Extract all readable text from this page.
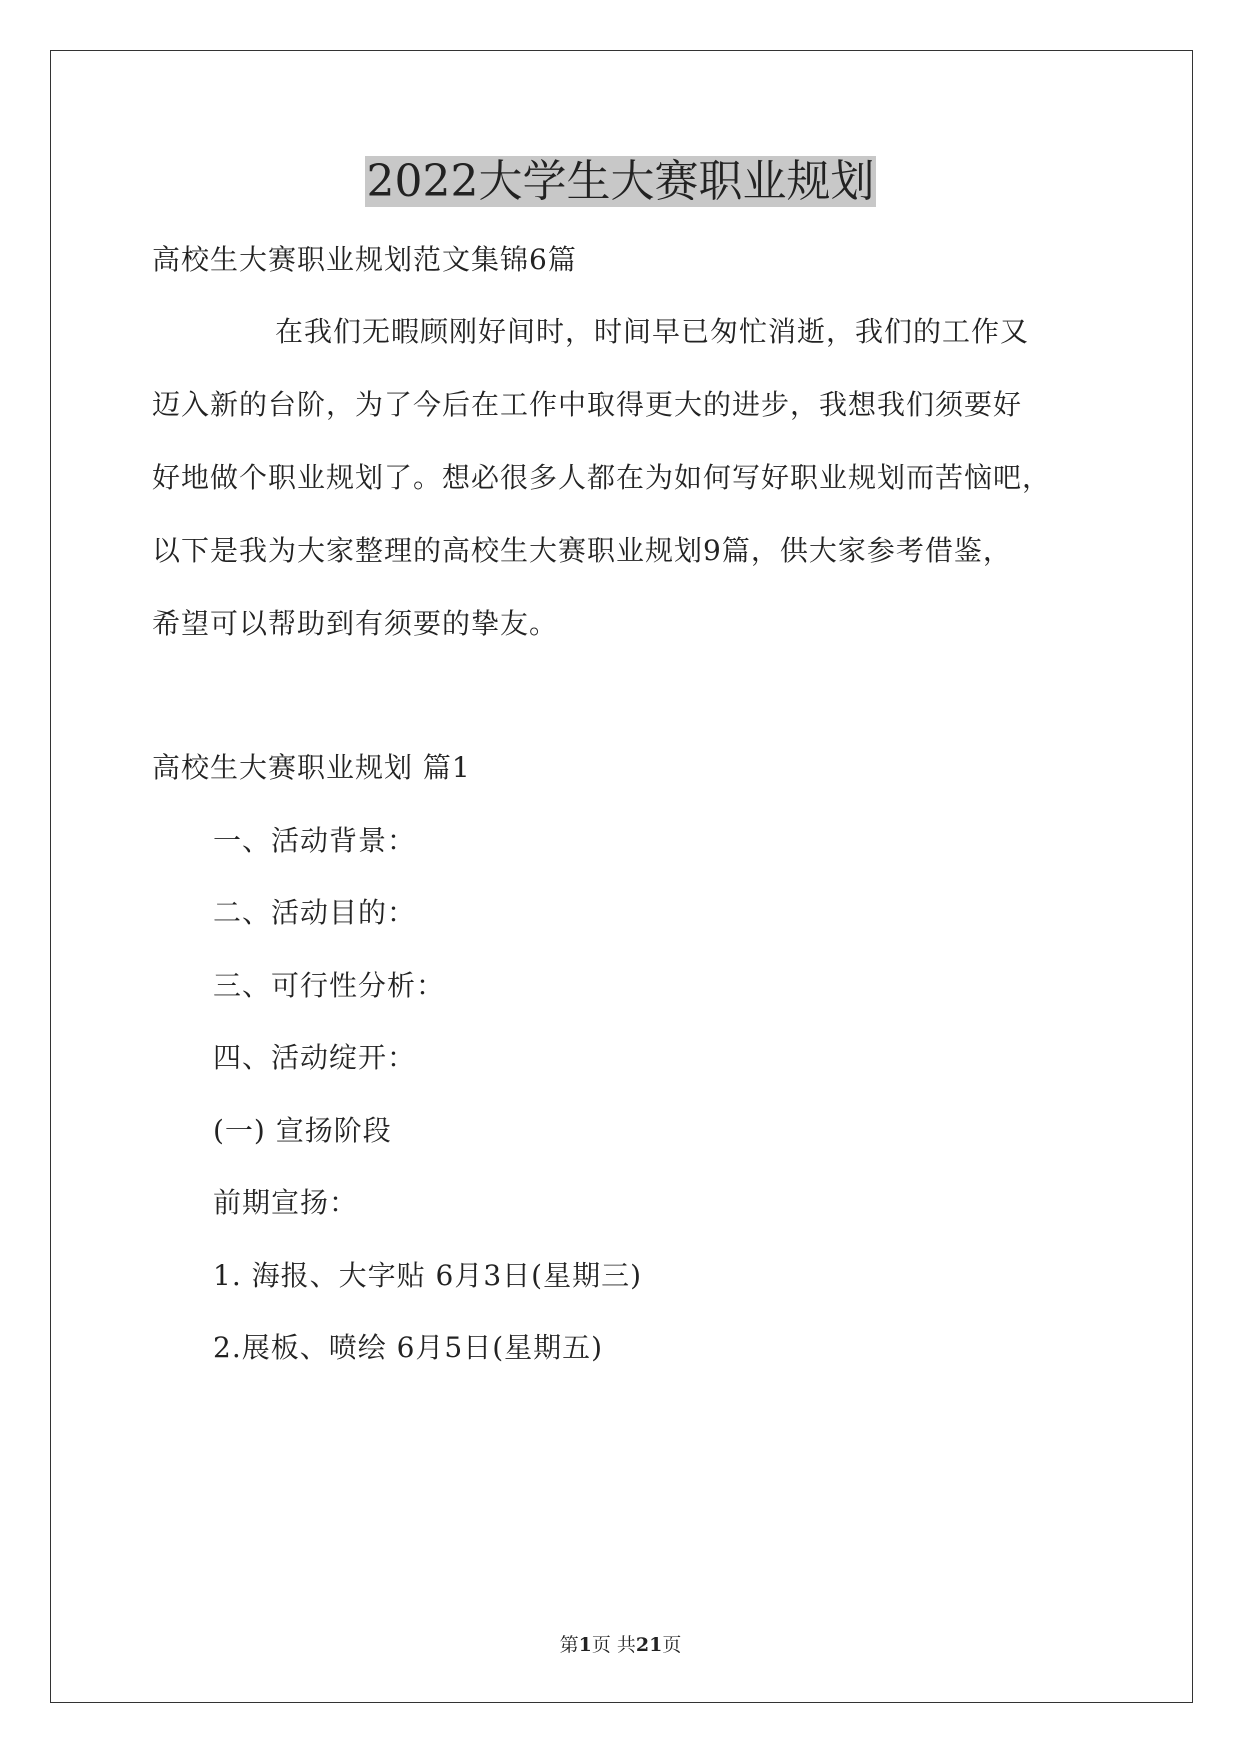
2022大学生大赛职业规划

高校生大赛职业规划范文集锦6篇

在我们无暇顾刚好间时，时间早已匆忙消逝，我们的工作又

迈入新的台阶，为了今后在工作中取得更大的进步，我想我们须要好

好地做个职业规划了。想必很多人都在为如何写好职业规划而苦恼吧，

以下是我为大家整理的高校生大赛职业规划9篇，供大家参考借鉴，

希望可以帮助到有须要的挚友。

高校生大赛职业规划 篇1

一、活动背景：

二、活动目的：

三、可行性分析：

四、活动绽开：

(一) 宣扬阶段

前期宣扬：

1. 海报、大字贴 6月3日(星期三)

2.展板、喷绘 6月5日(星期五)

第1页 共21页
